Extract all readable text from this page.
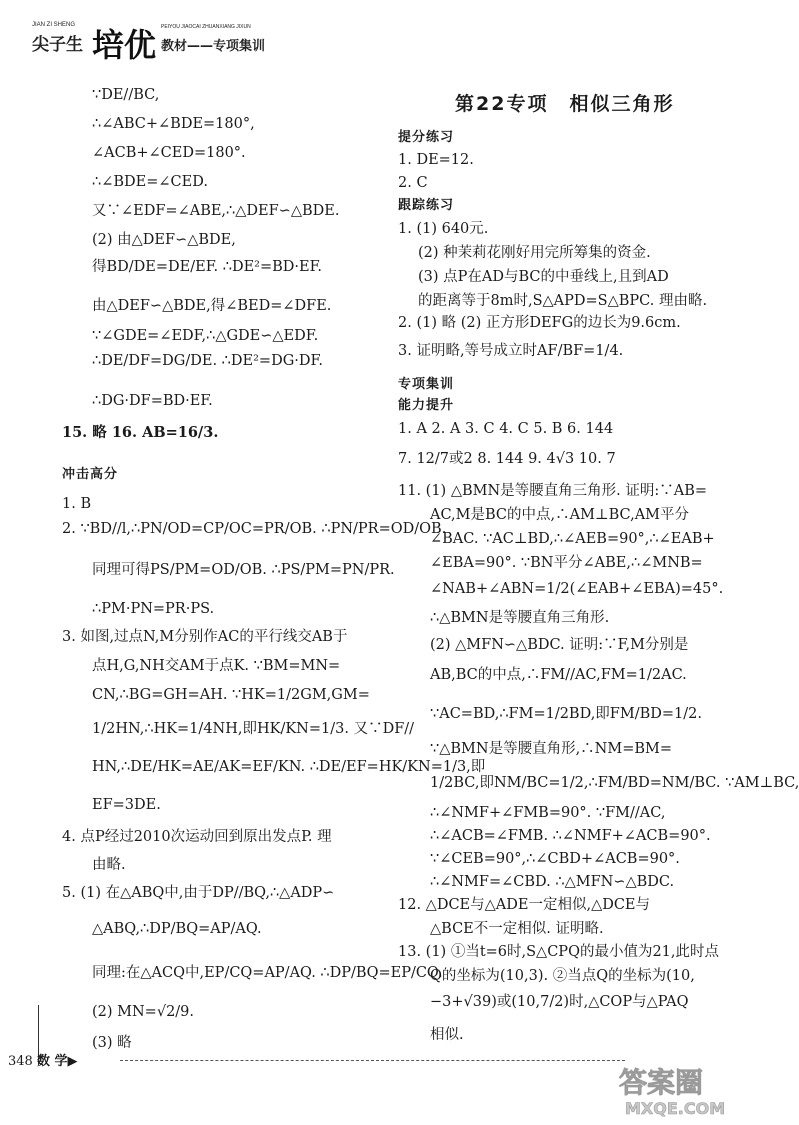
JIAN ZI SHENG
尖子生 培优 PEIYOU JIAOCAI ZHUANXIANG JIXUN
教材——专项集训
∵DE//BC,
∴∠ABC+∠BDE=180°,
∠ACB+∠CED=180°.
∴∠BDE=∠CED.
又∵∠EDF=∠ABE,∴△DEF∽△BDE.
(2) 由△DEF∽△BDE,
得BD/DE=DE/EF. ∴DE²=BD·EF.
由△DEF∽△BDE,得∠BED=∠DFE.
∵∠GDE=∠EDF,∴△GDE∽△EDF.
∴DE/DF=DG/DE. ∴DE²=DG·DF.
∴DG·DF=BD·EF.
15. 略 16. AB=16/3.
冲击高分
1. B
2. ∵BD//l,∴PN/OD=CP/OC=PR/OB. ∴PN/PR=OD/OB.
同理可得PS/PM=OD/OB. ∴PS/PM=PN/PR.
∴PM·PN=PR·PS.
3. 如图,过点N,M分别作AC的平行线交AB于
点H,G,NH交AM于点K. ∵BM=MN=
CN,∴BG=GH=AH. ∵HK=1/2GM,GM=
1/2HN,∴HK=1/4NH,即HK/KN=1/3. 又∵DF//
HN,∴DE/HK=AE/AK=EF/KN. ∴DE/EF=HK/KN=1/3,即
EF=3DE.
4. 点P经过2010次运动回到原出发点P. 理
由略.
5. (1) 在△ABQ中,由于DP//BQ,∴△ADP∽
△ABQ,∴DP/BQ=AP/AQ.
同理:在△ACQ中,EP/CQ=AP/AQ. ∴DP/BQ=EP/CQ.
(2) MN=√2/9.
(3) 略
第22专项　相似三角形
提分练习
1. DE=12.
2. C
跟踪练习
1. (1) 640元.
(2) 种茉莉花刚好用完所筹集的资金.
(3) 点P在AD与BC的中垂线上,且到AD
的距离等于8m时,S△APD=S△BPC. 理由略.
2. (1) 略 (2) 正方形DEFG的边长为9.6cm.
3. 证明略,等号成立时AF/BF=1/4.
专项集训
能力提升
1. A 2. A 3. C 4. C 5. B 6. 144
7. 12/7或2 8. 144 9. 4√3 10. 7
11. (1) △BMN是等腰直角三角形. 证明:∵AB=
AC,M是BC的中点,∴AM⊥BC,AM平分
∠BAC. ∵AC⊥BD,∴∠AEB=90°,∴∠EAB+
∠EBA=90°. ∵BN平分∠ABE,∴∠MNB=
∠NAB+∠ABN=1/2(∠EAB+∠EBA)=45°.
∴△BMN是等腰直角三角形.
(2) △MFN∽△BDC. 证明:∵F,M分别是
AB,BC的中点,∴FM//AC,FM=1/2AC.
∵AC=BD,∴FM=1/2BD,即FM/BD=1/2.
∵△BMN是等腰直角形,∴NM=BM=
1/2BC,即NM/BC=1/2,∴FM/BD=NM/BC. ∵AM⊥BC,
∴∠NMF+∠FMB=90°. ∵FM//AC,
∴∠ACB=∠FMB. ∴∠NMF+∠ACB=90°.
∵∠CEB=90°,∴∠CBD+∠ACB=90°.
∴∠NMF=∠CBD. ∴△MFN∽△BDC.
12. △DCE与△ADE一定相似,△DCE与
△BCE不一定相似. 证明略.
13. (1) ①当t=6时,S△CPQ的最小值为21,此时点
Q的坐标为(10,3). ②当点Q的坐标为(10,
−3+√39)或(10,7/2)时,△COP与△PAQ
相似.
348 数 学▶
答案圈
MXQE.COM
